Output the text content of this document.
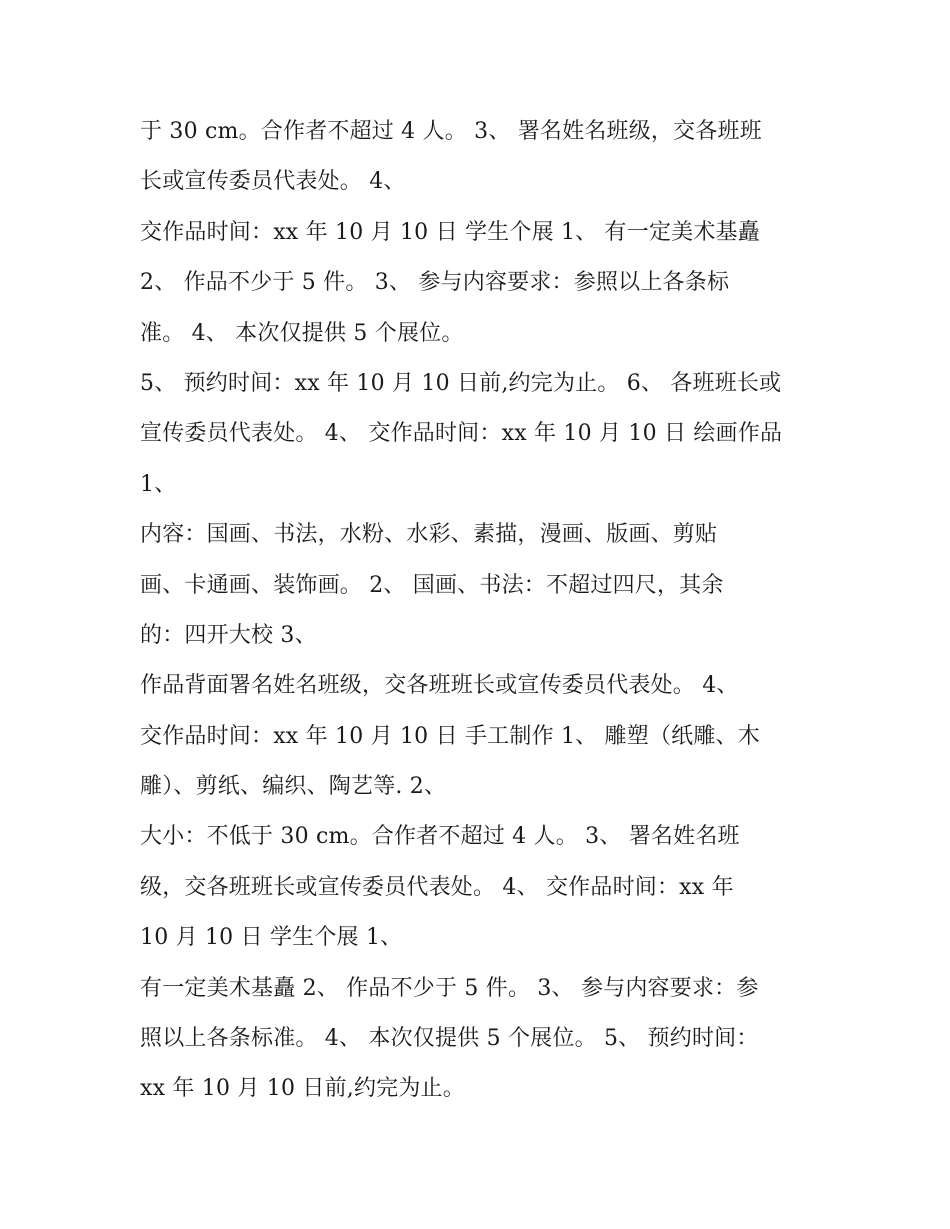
于 30 cm。合作者不超过 4 人。 3、 署名姓名班级，交各班班

长或宣传委员代表处。 4、

交作品时间：xx 年 10 月 10 日 学生个展 1、 有一定美术基矗

2、 作品不少于 5 件。 3、 参与内容要求：参照以上各条标

准。 4、 本次仅提供 5 个展位。

5、 预约时间：xx 年 10 月 10 日前,约完为止。 6、 各班班长或

宣传委员代表处。 4、 交作品时间：xx 年 10 月 10 日 绘画作品

1、

内容：国画、书法，水粉、水彩、素描，漫画、版画、剪贴

画、卡通画、装饰画。 2、 国画、书法：不超过四尺，其余

的：四开大校 3、

作品背面署名姓名班级，交各班班长或宣传委员代表处。 4、

交作品时间：xx 年 10 月 10 日 手工制作 1、 雕塑（纸雕、木

雕）、剪纸、编织、陶艺等. 2、

大小：不低于 30 cm。合作者不超过 4 人。 3、 署名姓名班

级，交各班班长或宣传委员代表处。 4、 交作品时间：xx 年

10 月 10 日 学生个展 1、

有一定美术基矗 2、 作品不少于 5 件。 3、 参与内容要求：参

照以上各条标准。 4、 本次仅提供 5 个展位。 5、 预约时间：

xx 年 10 月 10 日前,约完为止。
